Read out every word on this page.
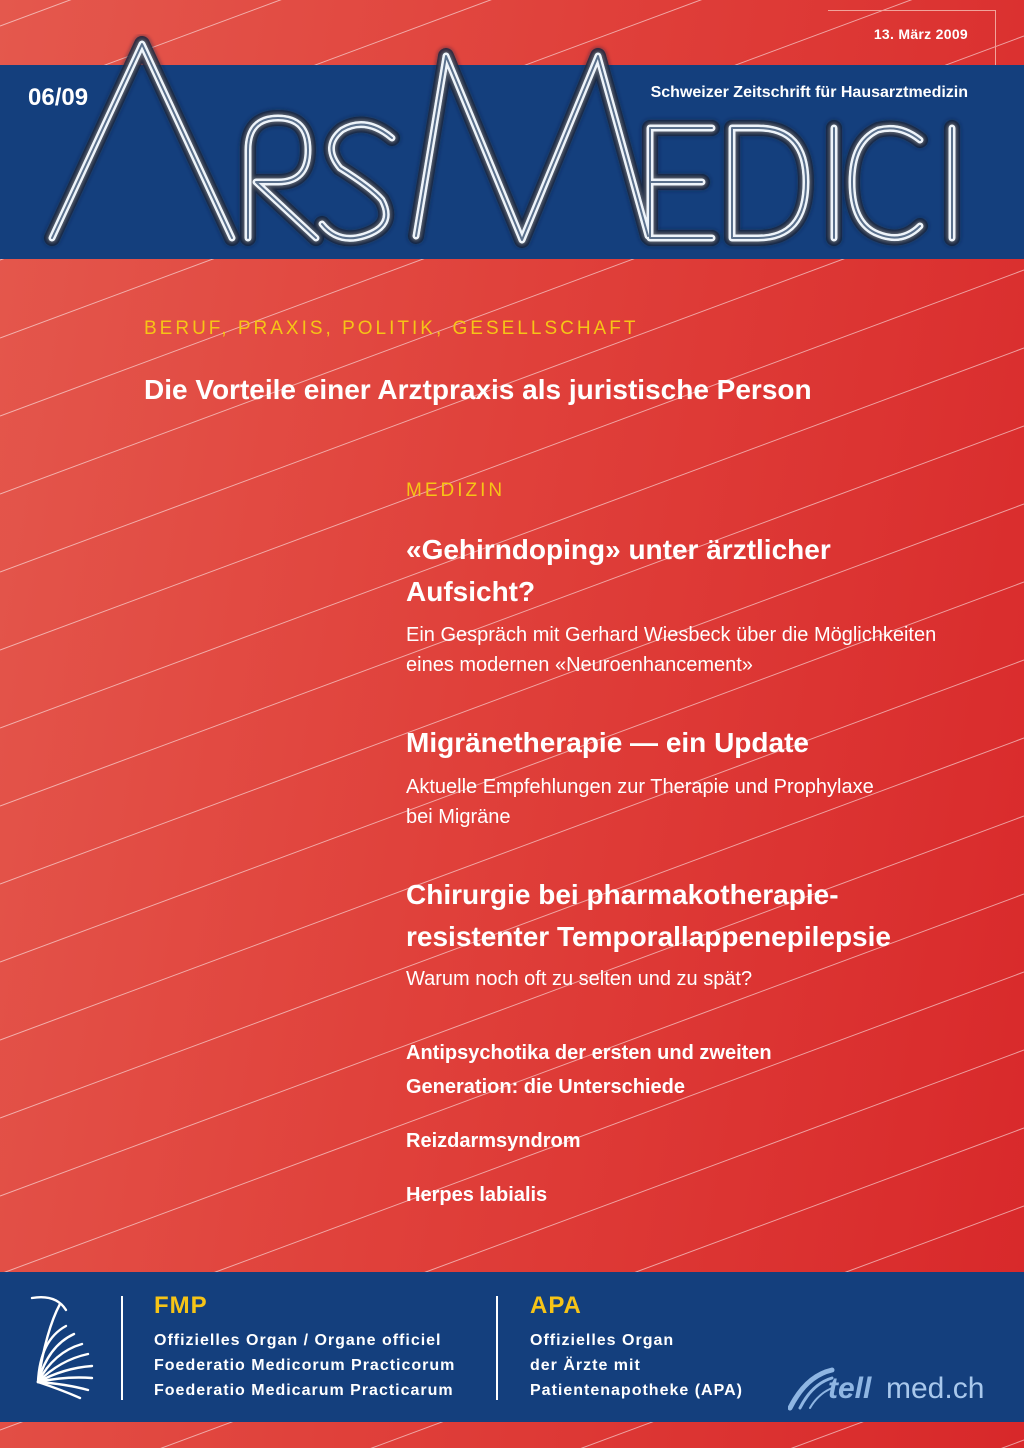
13. März 2009
06/09	Schweizer Zeitschrift für Hausarztmedizin
BERUF, PRAXIS, POLITIK, GESELLSCHAFT
Die Vorteile einer Arztpraxis als juristische Person
MEDIZIN
«Gehirndoping» unter ärztlicher
Aufsicht?
Ein Gespräch mit Gerhard Wiesbeck über die Möglichkeiten
eines modernen «Neuroenhancement»
Migränetherapie — ein Update
Aktuelle Empfehlungen zur Therapie und Prophylaxe
bei Migräne
Chirurgie bei pharmakotherapie-
resistenter Temporallappenepilepsie
Warum noch oft zu selten und zu spät?
Antipsychotika der ersten und zweiten
Generation: die Unterschiede
Reizdarmsyndrom
Herpes labialis
FMP
Offizielles Organ / Organe officiel
Foederatio Medicorum Practicorum
Foederatio Medicarum Practicarum
APA
Offizielles Organ
der Ärzte mit
Patientenapotheke (APA)	tell med.ch
